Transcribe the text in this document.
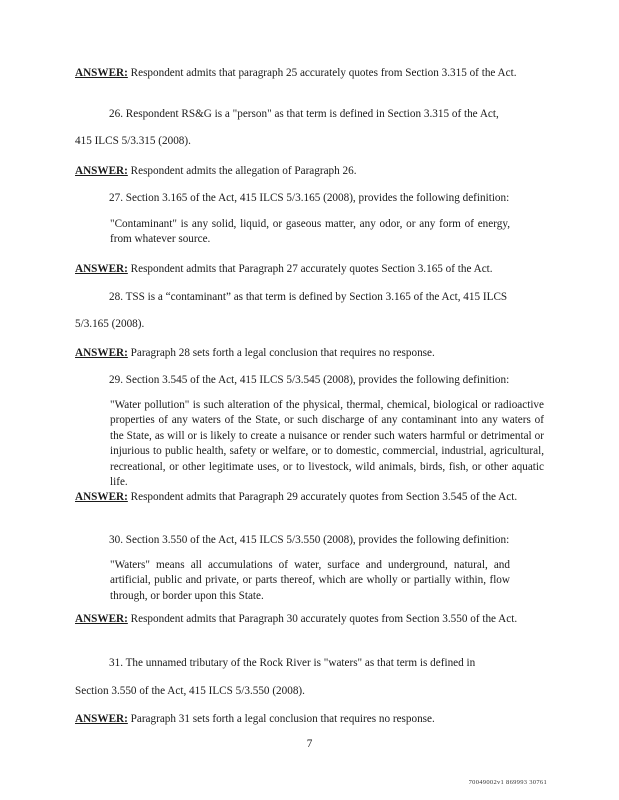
ANSWER: Respondent admits that paragraph 25 accurately quotes from Section 3.315 of the Act.

26. Respondent RS&G is a "person" as that term is defined in Section 3.315 of the Act,

415 ILCS 5/3.315 (2008).

ANSWER: Respondent admits the allegation of Paragraph 26.

27. Section 3.165 of the Act, 415 ILCS 5/3.165 (2008), provides the following definition:

"Contaminant" is any solid, liquid, or gaseous matter, any odor, or any form of energy, from whatever source.

ANSWER: Respondent admits that Paragraph 27 accurately quotes Section 3.165 of the Act.

28. TSS is a “contaminant” as that term is defined by Section 3.165 of the Act, 415 ILCS

5/3.165 (2008).

ANSWER: Paragraph 28 sets forth a legal conclusion that requires no response.

29. Section 3.545 of the Act, 415 ILCS 5/3.545 (2008), provides the following definition:

"Water pollution" is such alteration of the physical, thermal, chemical, biological or radioactive properties of any waters of the State, or such discharge of any contaminant into any waters of the State, as will or is likely to create a nuisance or render such waters harmful or detrimental or injurious to public health, safety or welfare, or to domestic, commercial, industrial, agricultural, recreational, or other legitimate uses, or to livestock, wild animals, birds, fish, or other aquatic life.

ANSWER: Respondent admits that Paragraph 29 accurately quotes from Section 3.545 of the Act.

30. Section 3.550 of the Act, 415 ILCS 5/3.550 (2008), provides the following definition:

"Waters" means all accumulations of water, surface and underground, natural, and artificial, public and private, or parts thereof, which are wholly or partially within, flow through, or border upon this State.

ANSWER: Respondent admits that Paragraph 30 accurately quotes from Section 3.550 of the Act.

31. The unnamed tributary of the Rock River is "waters" as that term is defined in

Section 3.550 of the Act, 415 ILCS 5/3.550 (2008).

ANSWER: Paragraph 31 sets forth a legal conclusion that requires no response.

7
70049002v1 869993 30761
